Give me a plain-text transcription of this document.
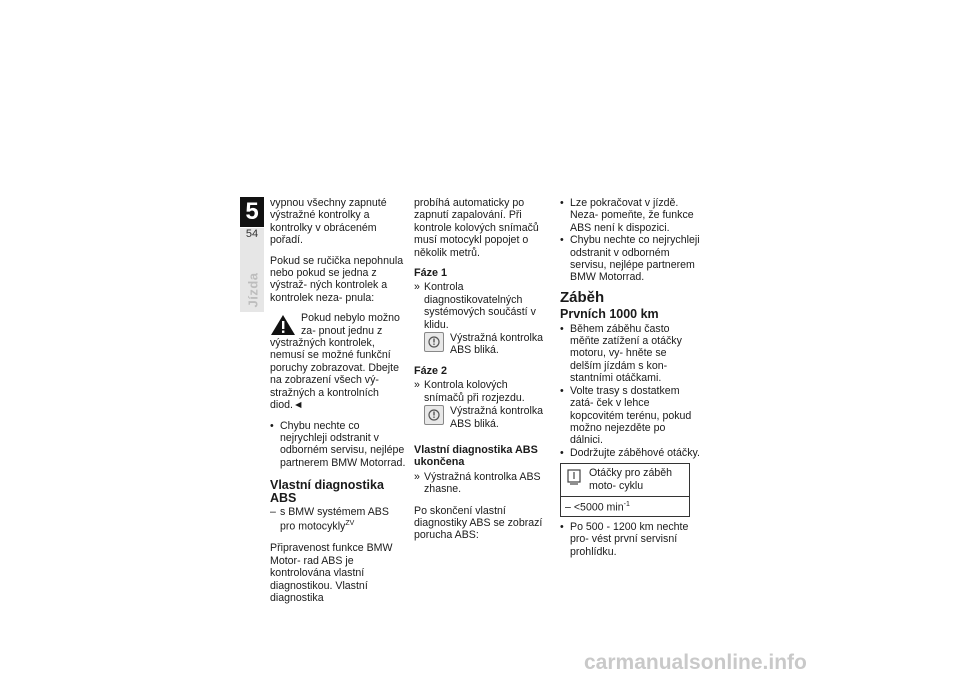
5
54
Jízda

vypnou všechny zapnuté výstražné kontrolky a kontrolky v obráceném pořadí.

Pokud se ručička nepohnula nebo pokud se jedna z výstraž- ných kontrolek a kontrolek neza- pnula:

Pokud nebylo možno za- pnout jednu z výstražných kontrolek, nemusí se možné funkční poruchy zobrazovat. Dbejte na zobrazení všech vý- stražných a kontrolních diod.◄
• Chybu nechte co nejrychleji odstranit v odborném servisu, nejlépe partnerem BMW Motorrad.
Vlastní diagnostika ABS
– s BMW systémem ABS pro motocykly$^{ZV}$

Připravenost funkce BMW Motor- rad ABS je kontrolována vlastní diagnostikou. Vlastní diagnostika

probíhá automaticky po zapnutí zapalování. Při kontrole kolových snímačů musí motocykl popojet o několik metrů.

Fáze 1
» Kontrola diagnostikovatelných systémových součástí v klidu.
Výstražná kontrolka ABS bliká.
Fáze 2
» Kontrola kolových snímačů při rozjezdu.
Výstražná kontrolka ABS bliká.
Vlastní diagnostika ABS ukončena
» Výstražná kontrolka ABS zhasne.

Po skončení vlastní diagnostiky ABS se zobrazí porucha ABS:

• Lze pokračovat v jízdě. Neza- pomeňte, že funkce ABS není k dispozici.
• Chybu nechte co nejrychleji odstranit v odborném servisu, nejlépe partnerem BMW Motorrad.
Záběh
Prvních 1000 km
• Během záběhu často měňte zatížení a otáčky motoru, vy- hněte se delším jízdám s kon- stantními otáčkami.
• Volte trasy s dostatkem zatá- ček v lehce kopcovitém terénu, pokud možno nejezděte po dálnici.
• Dodržujte záběhové otáčky.
Otáčky pro záběh moto- cyklu
– <5000 $\min^{-1}$
• Po 500 - 1200 km nechte pro- vést první servisní prohlídku.
carmanualsonline.info
